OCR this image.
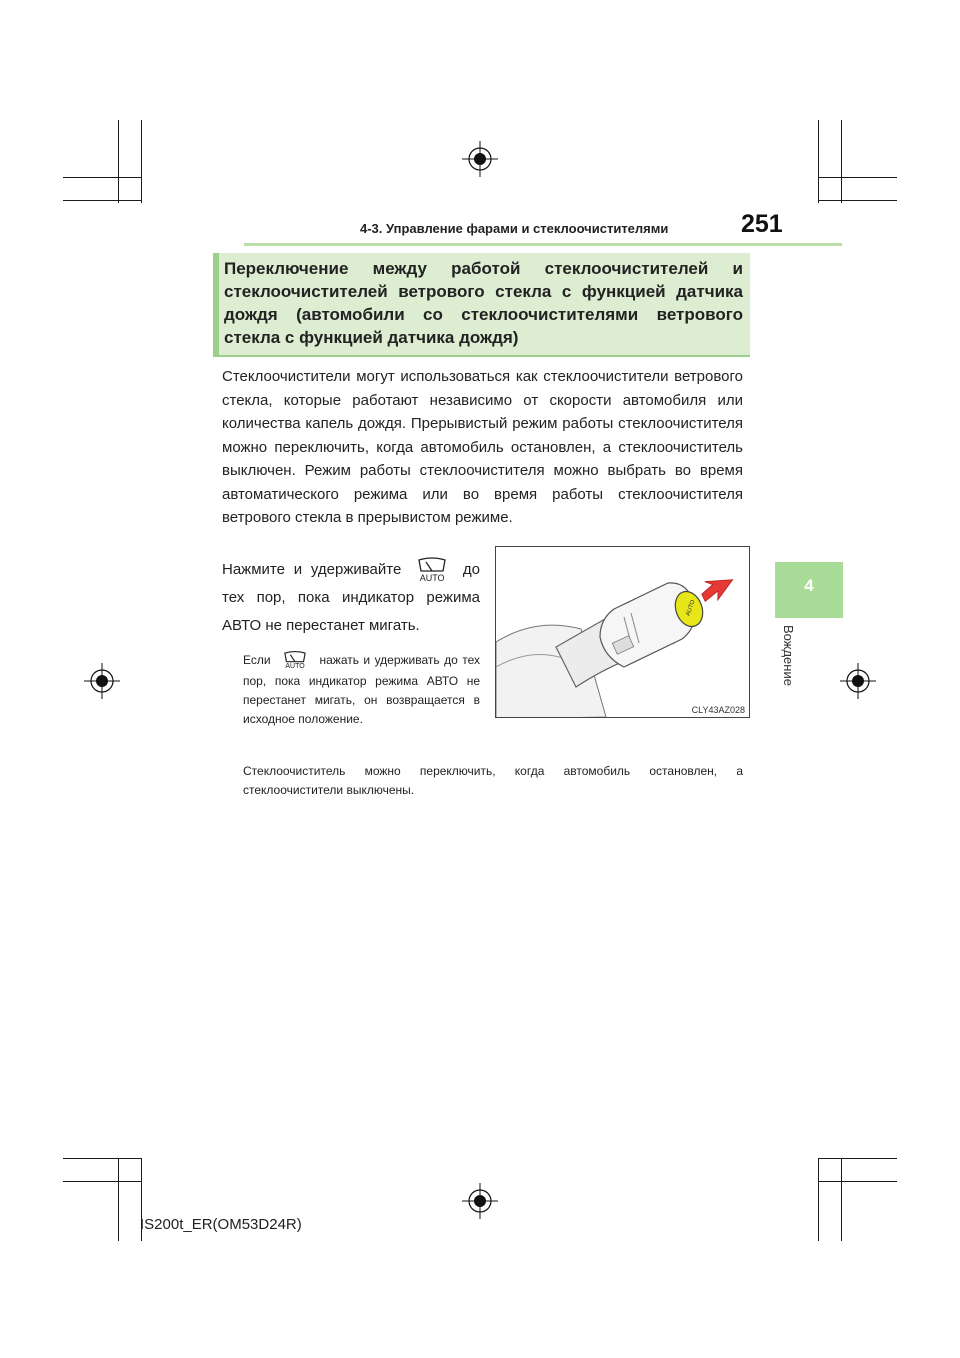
4-3. Управление фарами и стеклоочистителями	251
4
Вождение
Переключение между работой стеклоочистителей и стеклоочистителей ветрового стекла с функцией датчика дождя (автомобили со стеклоочистителями ветрового стекла с функцией датчика дождя)
Стеклоочистители могут использоваться как стеклоочистители ветрового стекла, которые работают независимо от скорости автомобиля или количества капель дождя. Прерывистый режим работы стеклоочистителя можно переключить, когда автомобиль остановлен, а стеклоочиститель выключен. Режим работы стеклоочистителя можно выбрать во время автоматического режима или во время работы стеклоочистителя ветрового стекла в прерывистом режиме.
Нажмите и удерживайте
AUTO
до тех пор, пока индикатор режима АВТО не перестанет мигать.
Если	AUTO	нажать и удерживать до тех пор, пока индикатор режима АВТО не перестанет мигать, он возвращается в исходное положение.
Стеклоочиститель можно переключить, когда автомобиль остановлен, а стеклоочистители выключены.
AUTO
CLY43AZ028
IS200t_ER(OM53D24R)
